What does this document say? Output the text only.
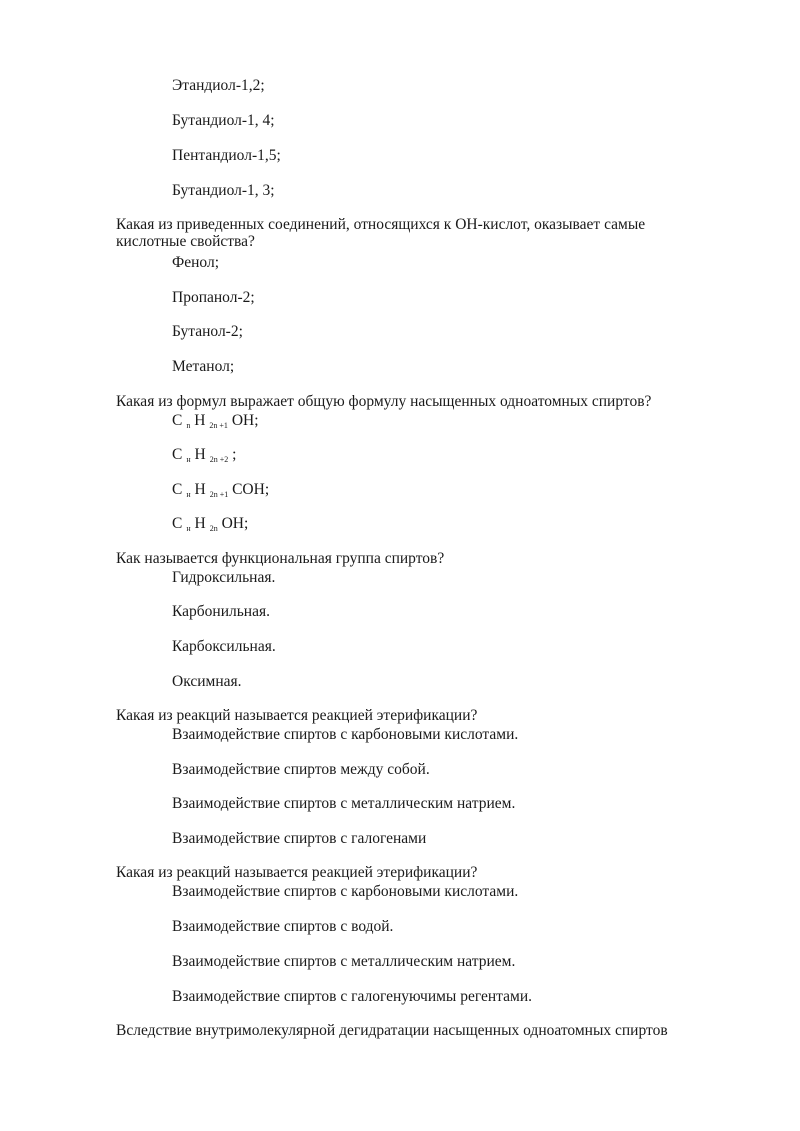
Этандиол-1,2;
Бутандиол-1, 4;
Пентандиол-1,5;
Бутандиол-1, 3;
Какая из приведенных соединений, относящихся к ОН-кислот, оказывает самые кислотные свойства?
Фенол;
Пропанол-2;
Бутанол-2;
Метанол;
Какая из формул выражает общую формулу насыщенных одноатомных спиртов?
C $_n$ H $_{2n +1}$ OH;
C $_н$ H $_{2n +2}$ ;
C $_н$ H $_{2n +1}$ COH;
C $_н$ H $_{2n}$ OH;
Как называется функциональная группа спиртов?
Гидроксильная.
Карбонильная.
Карбоксильная.
Оксимная.
Какая из реакций называется реакцией этерификации?
Взаимодействие спиртов с карбоновыми кислотами.
Взаимодействие спиртов между собой.
Взаимодействие спиртов с металлическим натрием.
Взаимодействие спиртов с галогенами
Какая из реакций называется реакцией этерификации?
Взаимодействие спиртов с карбоновыми кислотами.
Взаимодействие спиртов с водой.
Взаимодействие спиртов с металлическим натрием.
Взаимодействие спиртов с галогенуючимы регентами.
Вследствие внутримолекулярной дегидратации насыщенных одноатомных спиртов
